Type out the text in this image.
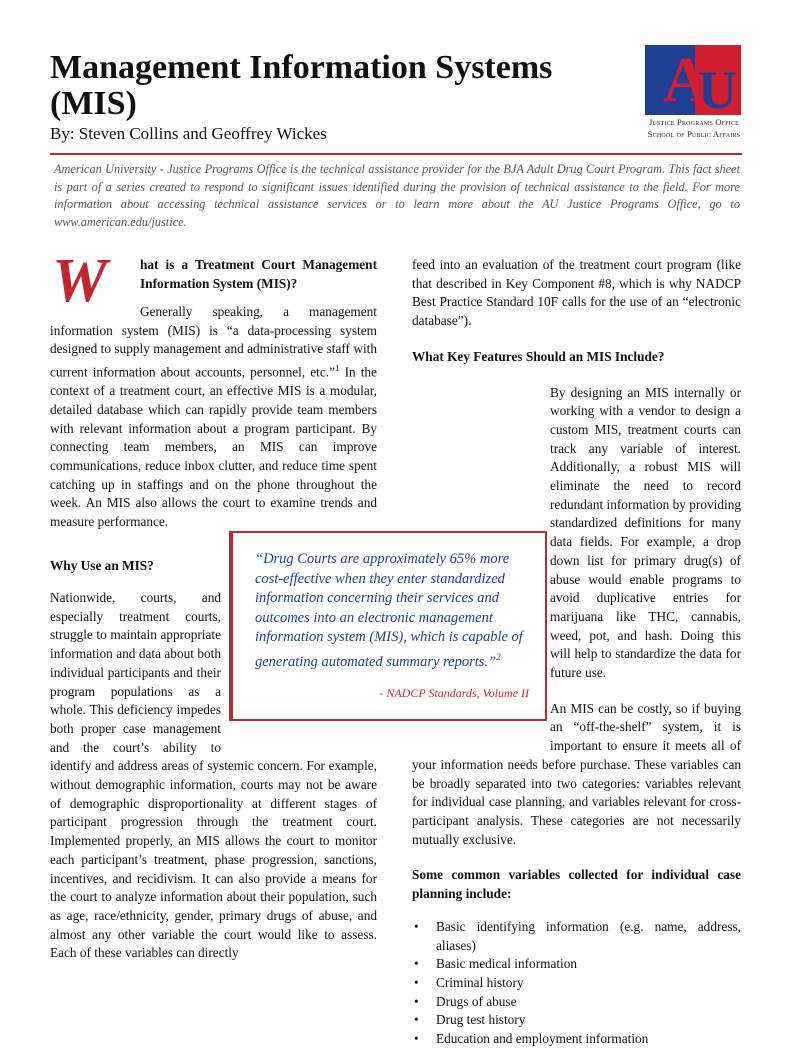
Management Information Systems (MIS)

By: Steven Collins and Geoffrey Wickes

A
U
Justice Programs Office
School of Public Affairs

American University - Justice Programs Office is the technical assistance provider for the BJA Adult Drug Court Program. This fact sheet is part of a series created to respond to significant issues identified during the provision of technical assistance to the field. For more information about accessing technical assistance services or to learn more about the AU Justice Programs Office, go to www.american.edu/justice.

W hat is a Treatment Court Management Information System (MIS)?

Generally speaking, a management information system (MIS) is “a data-processing system designed to supply management and administrative staff with current information about accounts, personnel, etc.”$^1$ In the context of a treatment court, an effective MIS is a modular, detailed database which can rapidly provide team members with relevant information about a program participant. By connecting team members, an MIS can improve communications, reduce inbox clutter, and reduce time spent catching up in staffings and on the phone throughout the week. An MIS also allows the court to examine trends and measure performance.

Why Use an MIS?

Nationwide, courts, and especially treatment courts, struggle to maintain appropriate information and data about both individual participants and their program populations as a whole. This deficiency impedes both proper case management and the court’s ability to identify and address areas of systemic concern. For example, without demographic information, courts may not be aware of demographic disproportionality at different stages of participant progression through the treatment court. Implemented properly, an MIS allows the court to monitor each participant’s treatment, phase progression, sanctions, incentives, and recidivism. It can also provide a means for the court to analyze information about their population, such as age, race/ethnicity, gender, primary drugs of abuse, and almost any other variable the court would like to assess. Each of these variables can directly

feed into an evaluation of the treatment court program (like that described in Key Component #8, which is why NADCP Best Practice Standard 10F calls for the use of an “electronic database”).

What Key Features Should an MIS Include?

By designing an MIS internally or working with a vendor to design a custom MIS, treatment courts can track any variable of interest. Additionally, a robust MIS will eliminate the need to record redundant information by providing standardized definitions for many data fields. For example, a drop down list for primary drug(s) of abuse would enable programs to avoid duplicative entries for marijuana like THC, cannabis, weed, pot, and hash. Doing this will help to standardize the data for future use.

An MIS can be costly, so if buying an “off-the-shelf” system, it is important to ensure it meets all of your information needs before purchase. These variables can be broadly separated into two categories: variables relevant for individual case planning, and variables relevant for cross-participant analysis. These categories are not necessarily mutually exclusive.

Some common variables collected for individual case planning include:

• Basic identifying information (e.g. name, address, aliases)
• Basic medical information
• Criminal history
• Drugs of abuse
• Drug test history
• Education and employment information

“Drug Courts are approximately 65% more cost-effective when they enter standardized information concerning their services and outcomes into an electronic management information system (MIS), which is capable of generating automated summary reports.”$^2$

- NADCP Standards, Volume II
